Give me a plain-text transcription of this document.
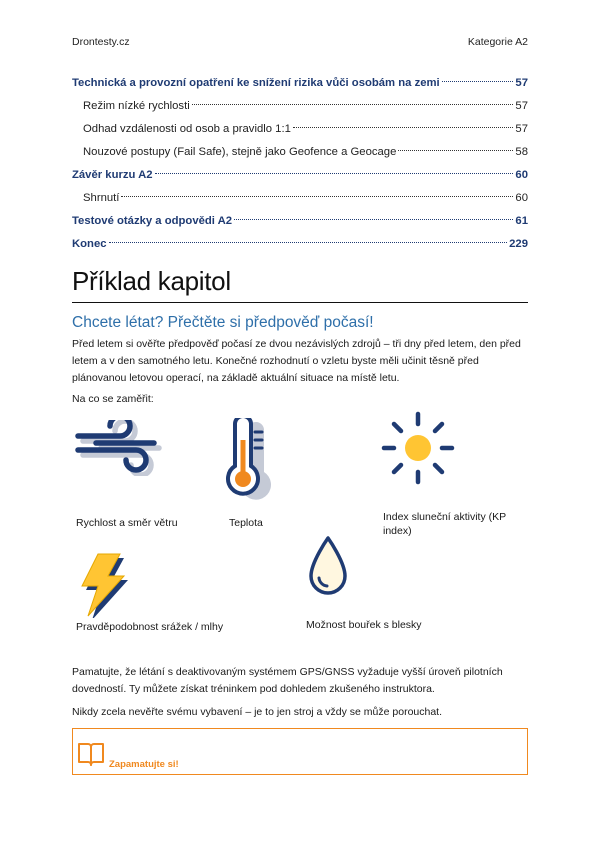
Drontesty.cz	Kategorie A2
Technická a provozní opatření ke snížení rizika vůči osobám na zemi	57
Režim nízké rychlosti	57
Odhad vzdálenosti od osob a pravidlo 1:1	57
Nouzové postupy (Fail Safe), stejně jako Geofence a Geocage	58
Závěr kurzu A2	60
Shrnutí	60
Testové otázky a odpovědi A2	61
Konec	229
Příklad kapitol
Chcete létat? Přečtěte si předpověď počasí!
Před letem si ověřte předpověď počasí ze dvou nezávislých zdrojů – tři dny před letem, den před letem a v den samotného letu. Konečné rozhodnutí o vzletu byste měli učinit těsně před plánovanou letovou operací, na základě aktuální situace na místě letu.
Na co se zaměřit:
Rychlost a směr větru	Teplota	Index sluneční aktivity (KP index)
Pravděpodobnost srážek / mlhy	Možnost bouřek s blesky
Pamatujte, že létání s deaktivovaným systémem GPS/GNSS vyžaduje vyšší úroveň pilotních dovedností. Ty můžete získat tréninkem pod dohledem zkušeného instruktora.
Nikdy zcela nevěřte svému vybavení – je to jen stroj a vždy se může porouchat.
Zapamatujte si!
